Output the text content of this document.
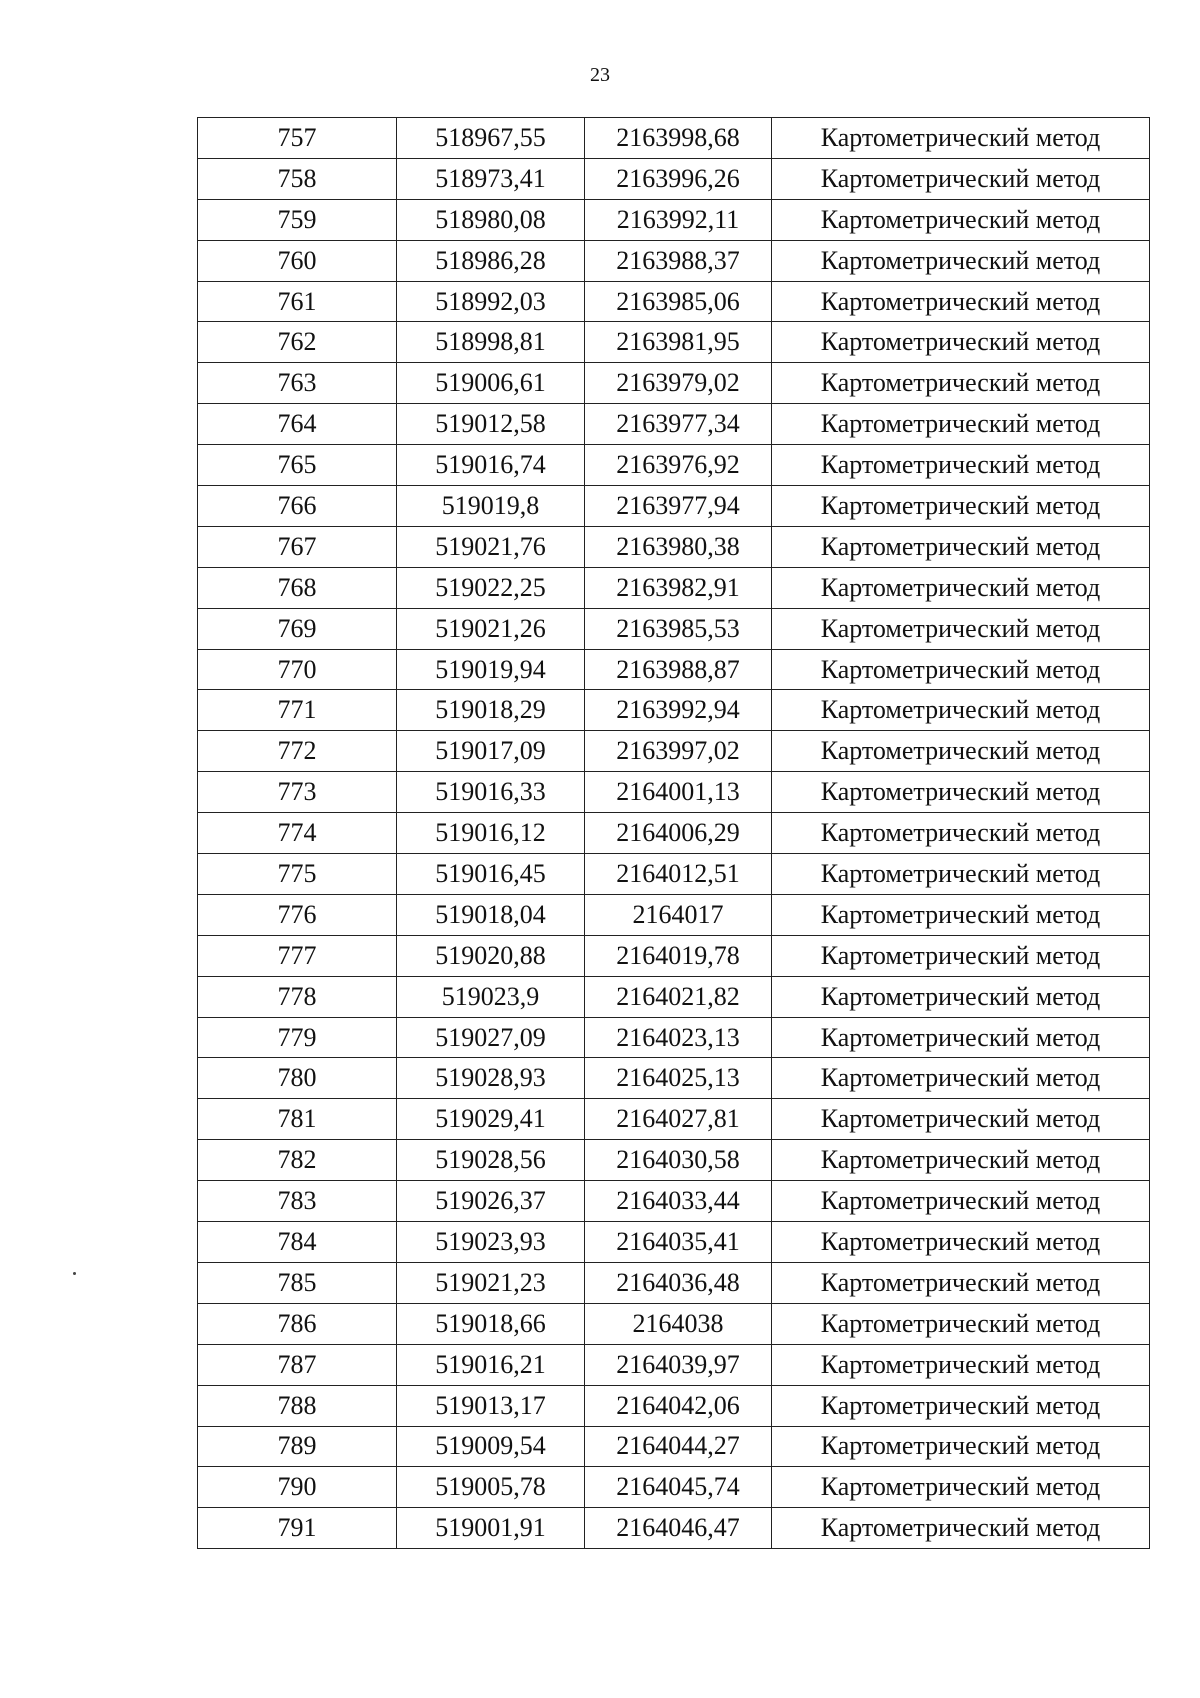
23
757	518967,55	2163998,68	Картометрический метод
758	518973,41	2163996,26	Картометрический метод
759	518980,08	2163992,11	Картометрический метод
760	518986,28	2163988,37	Картометрический метод
761	518992,03	2163985,06	Картометрический метод
762	518998,81	2163981,95	Картометрический метод
763	519006,61	2163979,02	Картометрический метод
764	519012,58	2163977,34	Картометрический метод
765	519016,74	2163976,92	Картометрический метод
766	519019,8	2163977,94	Картометрический метод
767	519021,76	2163980,38	Картометрический метод
768	519022,25	2163982,91	Картометрический метод
769	519021,26	2163985,53	Картометрический метод
770	519019,94	2163988,87	Картометрический метод
771	519018,29	2163992,94	Картометрический метод
772	519017,09	2163997,02	Картометрический метод
773	519016,33	2164001,13	Картометрический метод
774	519016,12	2164006,29	Картометрический метод
775	519016,45	2164012,51	Картометрический метод
776	519018,04	2164017	Картометрический метод
777	519020,88	2164019,78	Картометрический метод
778	519023,9	2164021,82	Картометрический метод
779	519027,09	2164023,13	Картометрический метод
780	519028,93	2164025,13	Картометрический метод
781	519029,41	2164027,81	Картометрический метод
782	519028,56	2164030,58	Картометрический метод
783	519026,37	2164033,44	Картометрический метод
784	519023,93	2164035,41	Картометрический метод
785	519021,23	2164036,48	Картометрический метод
786	519018,66	2164038	Картометрический метод
787	519016,21	2164039,97	Картометрический метод
788	519013,17	2164042,06	Картометрический метод
789	519009,54	2164044,27	Картометрический метод
790	519005,78	2164045,74	Картометрический метод
791	519001,91	2164046,47	Картометрический метод
